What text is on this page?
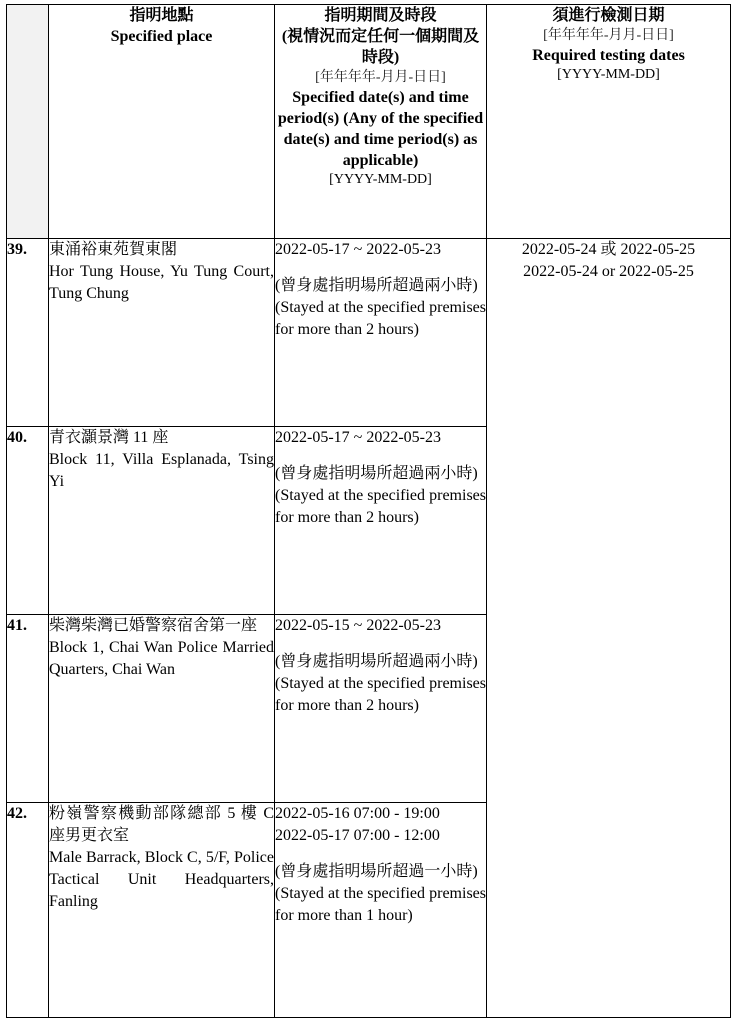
	指明地點
Specified place	指明期間及時段
(視情況而定任何一個期間及時段)
[年年年年-月月-日日]
Specified date(s) and time period(s) (Any of the specified date(s) and time period(s) as applicable)
[YYYY-MM-DD]	須進行檢測日期
[年年年年-月月-日日]
Required testing dates
[YYYY-MM-DD]

39.	東涌裕東苑賀東閣
Hor Tung House, Yu Tung Court, Tung Chung	2022-05-17 ~ 2022-05-23
(曾身處指明場所超過兩小時)
(Stayed at the specified premises for more than 2 hours)	2022-05-24 或 2022-05-25
2022-05-24 or 2022-05-25

40.	青衣灝景灣 11 座
Block 11, Villa Esplanada, Tsing Yi	2022-05-17 ~ 2022-05-23
(曾身處指明場所超過兩小時)
(Stayed at the specified premises for more than 2 hours)	

41.	柴灣柴灣已婚警察宿舍第一座
Block 1, Chai Wan Police Married Quarters, Chai Wan	2022-05-15 ~ 2022-05-23
(曾身處指明場所超過兩小時)
(Stayed at the specified premises for more than 2 hours)	

42.	粉嶺警察機動部隊總部 5 樓 C 座男更衣室
Male Barrack, Block C, 5/F, Police Tactical Unit Headquarters, Fanling	2022-05-16 07:00 - 19:00
2022-05-17 07:00 - 12:00
(曾身處指明場所超過一小時)
(Stayed at the specified premises for more than 1 hour)	
